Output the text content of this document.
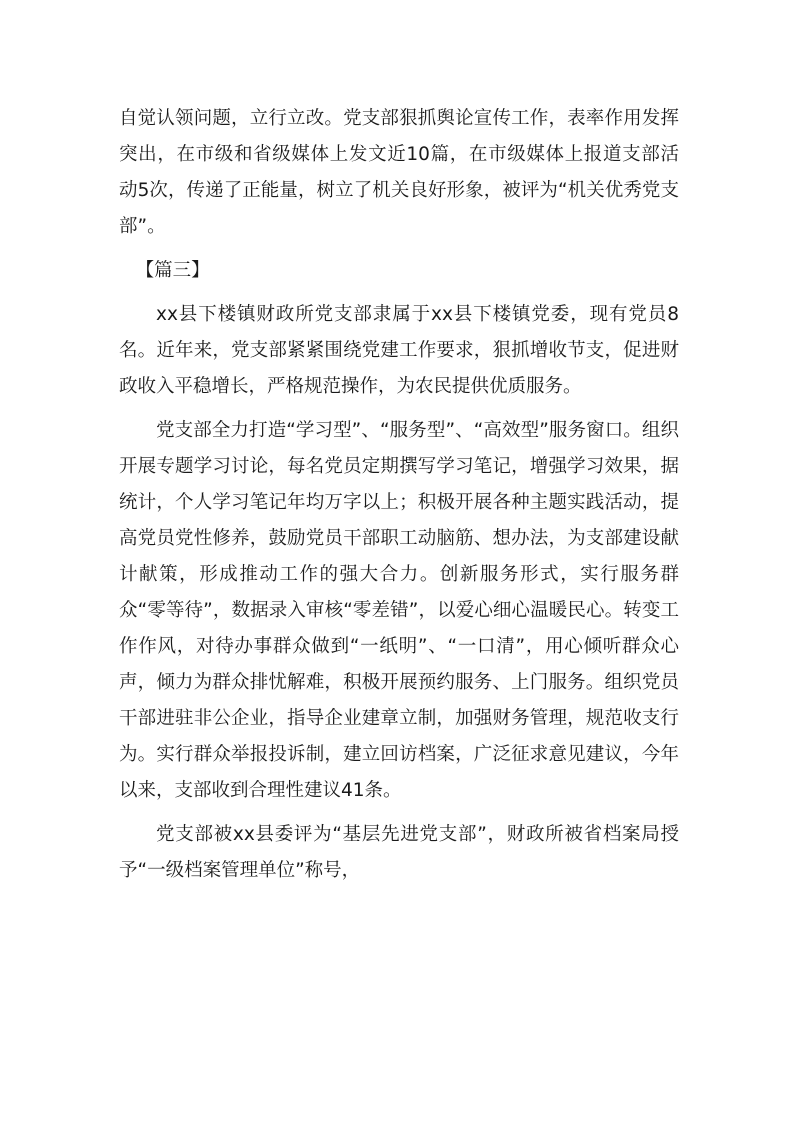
自觉认领问题，立行立改。党支部狠抓舆论宣传工作，表率作用发挥突出，在市级和省级媒体上发文近10篇，在市级媒体上报道支部活动5次，传递了正能量，树立了机关良好形象，被评为“机关优秀党支部”。

【篇三】

xx县下楼镇财政所党支部隶属于xx县下楼镇党委，现有党员8名。近年来，党支部紧紧围绕党建工作要求，狠抓增收节支，促进财政收入平稳增长，严格规范操作，为农民提供优质服务。

党支部全力打造“学习型”、“服务型”、“高效型”服务窗口。组织开展专题学习讨论，每名党员定期撰写学习笔记，增强学习效果，据统计，个人学习笔记年均万字以上；积极开展各种主题实践活动，提高党员党性修养，鼓励党员干部职工动脑筋、想办法，为支部建设献计献策，形成推动工作的强大合力。创新服务形式，实行服务群众“零等待”，数据录入审核“零差错”，以爱心细心温暖民心。转变工作作风，对待办事群众做到“一纸明”、“一口清”，用心倾听群众心声，倾力为群众排忧解难，积极开展预约服务、上门服务。组织党员干部进驻非公企业，指导企业建章立制，加强财务管理，规范收支行为。实行群众举报投诉制，建立回访档案，广泛征求意见建议，今年以来，支部收到合理性建议41条。

党支部被xx县委评为“基层先进党支部”，财政所被省档案局授予“一级档案管理单位”称号，
